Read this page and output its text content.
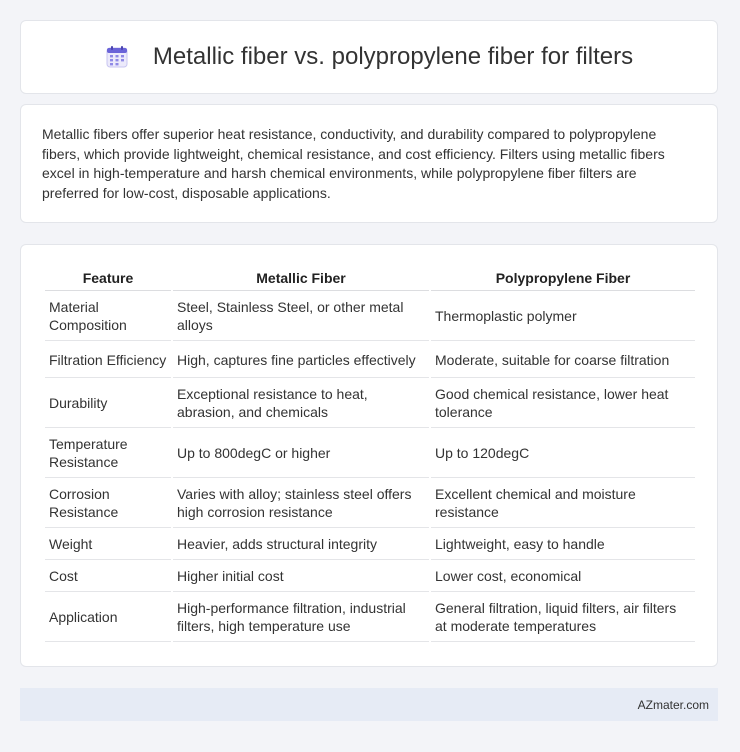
Metallic fiber vs. polypropylene fiber for filters

Metallic fibers offer superior heat resistance, conductivity, and durability compared to polypropylene fibers, which provide lightweight, chemical resistance, and cost efficiency. Filters using metallic fibers excel in high-temperature and harsh chemical environments, while polypropylene fiber filters are preferred for low-cost, disposable applications.

Feature	Metallic Fiber	Polypropylene Fiber
Material Composition	Steel, Stainless Steel, or other metal alloys	Thermoplastic polymer
Filtration Efficiency	High, captures fine particles effectively	Moderate, suitable for coarse filtration
Durability	Exceptional resistance to heat, abrasion, and chemicals	Good chemical resistance, lower heat tolerance
Temperature Resistance	Up to 800degC or higher	Up to 120degC
Corrosion Resistance	Varies with alloy; stainless steel offers high corrosion resistance	Excellent chemical and moisture resistance
Weight	Heavier, adds structural integrity	Lightweight, easy to handle
Cost	Higher initial cost	Lower cost, economical
Application	High-performance filtration, industrial filters, high temperature use	General filtration, liquid filters, air filters at moderate temperatures
AZmater.com
